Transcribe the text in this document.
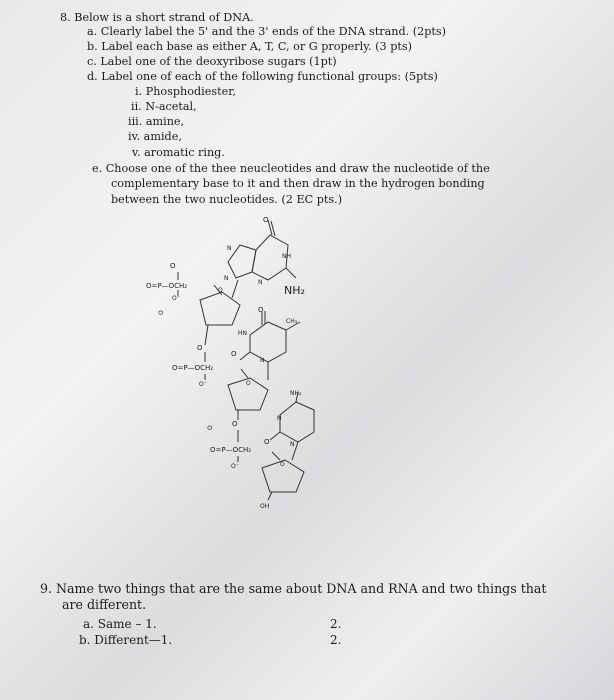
8. Below is a short strand of DNA.
a. Clearly label the 5' and the 3' ends of the DNA strand. (2pts)
b. Label each base as either A, T, C, or G properly. (3 pts)
c. Label one of the deoxyribose sugars (1pt)
d. Label one of each of the following functional groups: (5pts)
i. Phosphodiester,
ii. N-acetal,
iii. amine,
iv. amide,
v. aromatic ring.
e. Choose one of the thee neucleotides and draw the nucleotide of the
complementary base to it and then draw in the hydrogen bonding
between the two nucleotides. (2 EC pts.)
O
O=P—OCH₂
O⁻
O
N
N
N
NH
O
NH₂
O
O=P—OCH₂
O⁻
HN
O
CH₃
N
O
O
O
O=P—OCH₂
O⁻
NH₂
N
N
O
O
OH
O
O
9. Name two things that are the same about DNA and RNA and two things that
are different.
a. Same – 1.	2.
b. Different—1.	2.
